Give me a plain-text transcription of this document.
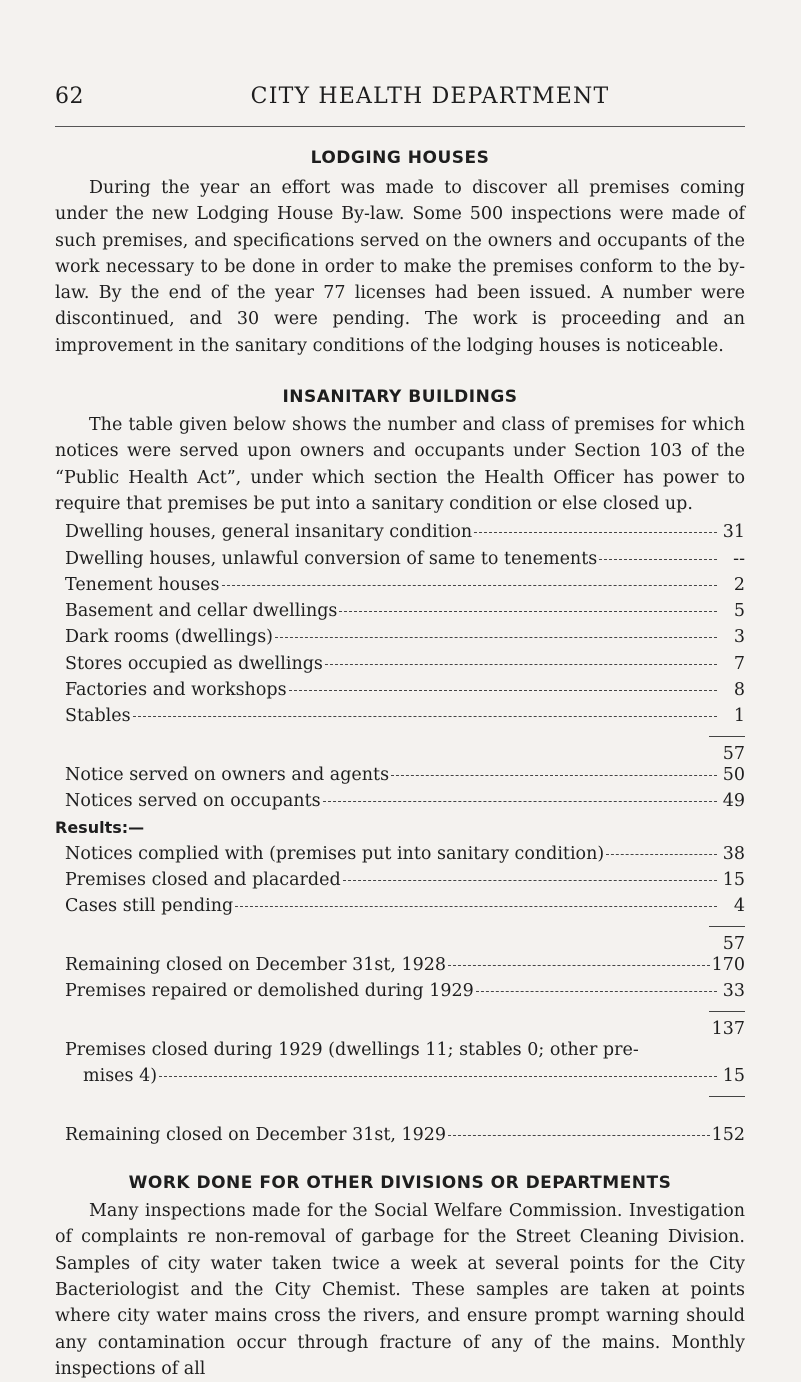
62	CITY HEALTH DEPARTMENT
LODGING HOUSES

During the year an effort was made to discover all premises coming under the new Lodging House By-law. Some 500 inspections were made of such premises, and specifications served on the owners and occupants of the work necessary to be done in order to make the premises conform to the by-law. By the end of the year 77 licenses had been issued. A number were discontinued, and 30 were pending. The work is proceeding and an improvement in the sanitary conditions of the lodging houses is noticeable.

INSANITARY BUILDINGS

The table given below shows the number and class of premises for which notices were served upon owners and occupants under Section 103 of the “Public Health Act”, under which section the Health Officer has power to require that premises be put into a sanitary condition or else closed up.

Dwelling houses, general insanitary condition	31
Dwelling houses, unlawful conversion of same to tenements	--
Tenement houses	2
Basement and cellar dwellings	5
Dark rooms (dwellings)	3
Stores occupied as dwellings	7
Factories and workshops	8
Stables	1
57
Notice served on owners and agents	50
Notices served on occupants	49
Results:—
Notices complied with (premises put into sanitary condition)	38
Premises closed and placarded	15
Cases still pending	4
57
Remaining closed on December 31st, 1928	170
Premises repaired or demolished during 1929	33
137
Premises closed during 1929 (dwellings 11; stables 0; other pre-
mises 4)	15
Remaining closed on December 31st, 1929	152
WORK DONE FOR OTHER DIVISIONS OR DEPARTMENTS

Many inspections made for the Social Welfare Commission. Investigation of complaints re non-removal of garbage for the Street Cleaning Division. Samples of city water taken twice a week at several points for the City Bacteriologist and the City Chemist. These samples are taken at points where city water mains cross the rivers, and ensure prompt warning should any contamination occur through fracture of any of the mains. Monthly inspections of all
